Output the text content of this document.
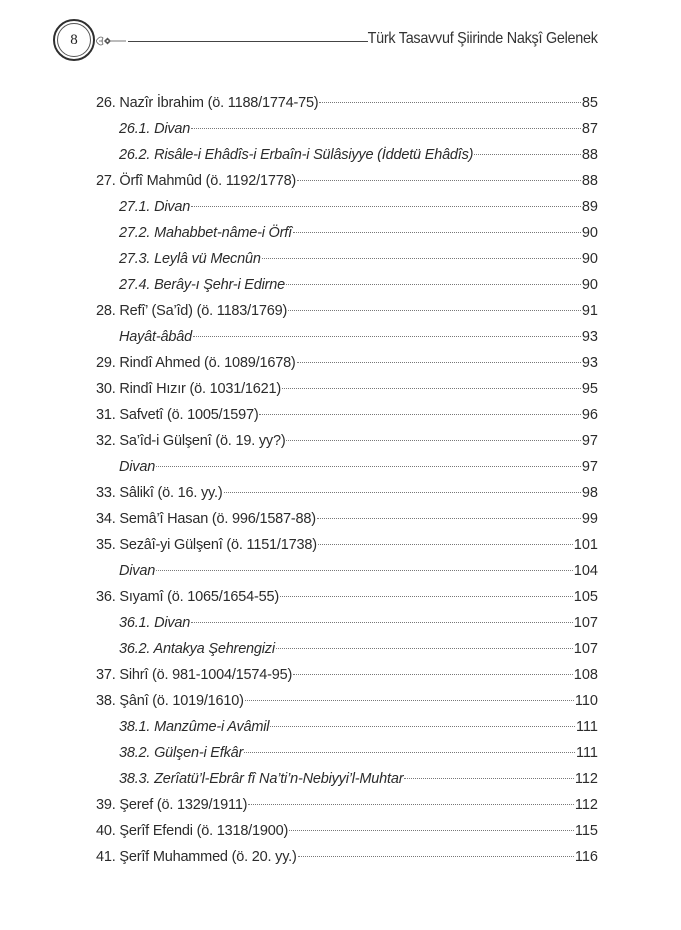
8	Türk Tasavvuf Şiirinde Nakşî Gelenek
26. Nazîr İbrahim (ö. 1188/1774-75)	85
26.1. Divan	87
26.2. Risâle-i Ehâdîs-i Erbaîn-i Sülâsiyye (İddetü Ehâdîs)	88
27. Örfî Mahmûd (ö. 1192/1778)	88
27.1. Divan	89
27.2. Mahabbet-nâme-i Örfî	90
27.3. Leylâ vü Mecnûn	90
27.4. Berây-ı Şehr-i Edirne	90
28. Refî’ (Sa’îd) (ö. 1183/1769)	91
Hayât-âbâd	93
29. Rindî Ahmed (ö. 1089/1678)	93
30. Rindî Hızır (ö. 1031/1621)	95
31. Safvetî (ö. 1005/1597)	96
32. Sa’îd-i Gülşenî (ö. 19. yy?)	97
Divan	97
33. Sâlikî (ö. 16. yy.)	98
34. Semâ’î Hasan (ö. 996/1587-88)	99
35. Sezâî-yi Gülşenî (ö. 1151/1738)	101
Divan	104
36. Sıyamî (ö. 1065/1654-55)	105
36.1. Divan	107
36.2. Antakya Şehrengizi	107
37. Sihrî (ö. 981-1004/1574-95)	108
38. Şânî (ö. 1019/1610)	110
38.1. Manzûme-i Avâmil	111
38.2. Gülşen-i Efkâr	111
38.3. Zerîatü’l-Ebrâr fî Na’ti’n-Nebiyyi’l-Muhtar	112
39. Şeref (ö. 1329/1911)	112
40. Şerîf Efendi (ö. 1318/1900)	115
41. Şerîf Muhammed (ö. 20. yy.)	116
